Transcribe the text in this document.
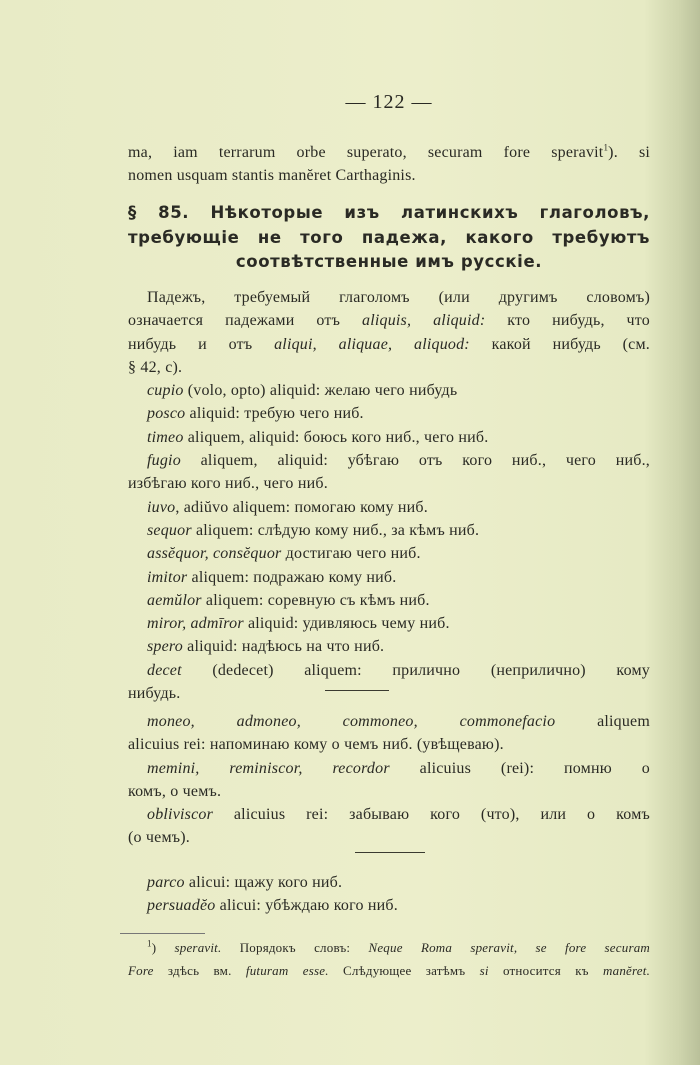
— 122 —
ma, iam terrarum orbe superato, securam fore speravit$^1$). si
nomen usquam stantis manĕret Carthaginis.
§ 85. Нѣкоторые изъ латинскихъ глаголовъ,
требующіе не того падежа, какого требуютъ
соотвѣтственные имъ русскіе.
Падежъ, требуемый глаголомъ (или другимъ словомъ)
означается падежами отъ aliquis, aliquid: кто нибудь, что
нибудь и отъ aliqui, aliquae, aliquod: какой нибудь (см.
§ 42, c).
cupio (volo, opto) aliquid: желаю чего нибудь
posco aliquid: требую чего ниб.
timeo aliquem, aliquid: боюсь кого ниб., чего ниб.
fugio aliquem, aliquid: убѣгаю отъ кого ниб., чего ниб.,
избѣгаю кого ниб., чего ниб.
iuvo, adiŭvo aliquem: помогаю кому ниб.
sequor aliquem: слѣдую кому ниб., за кѣмъ ниб.
assĕquor, consĕquor достигаю чего ниб.
imitor aliquem: подражаю кому ниб.
aemŭlor aliquem: соревную съ кѣмъ ниб.
miror, admīror aliquid: удивляюсь чему ниб.
spero aliquid: надѣюсь на что ниб.
decet (dedecet) aliquem: прилично (неприлично) кому
нибудь.
moneo, admoneo, commoneo, commonefacio aliquem
alicuius rei: напоминаю кому о чемъ ниб. (увѣщеваю).
memini, reminiscor, recordor alicuius (rei): помню о
комъ, о чемъ.
obliviscor alicuius rei: забываю кого (что), или о комъ
(о чемъ).
parco alicui: щажу кого ниб.
persuadĕo alicui: убѣждаю кого ниб.
$^1$) speravit. Порядокъ словъ: Neque Roma speravit, se fore securam
Fore здѣсь вм. futuram esse. Слѣдующее затѣмъ si относится къ manĕret.
